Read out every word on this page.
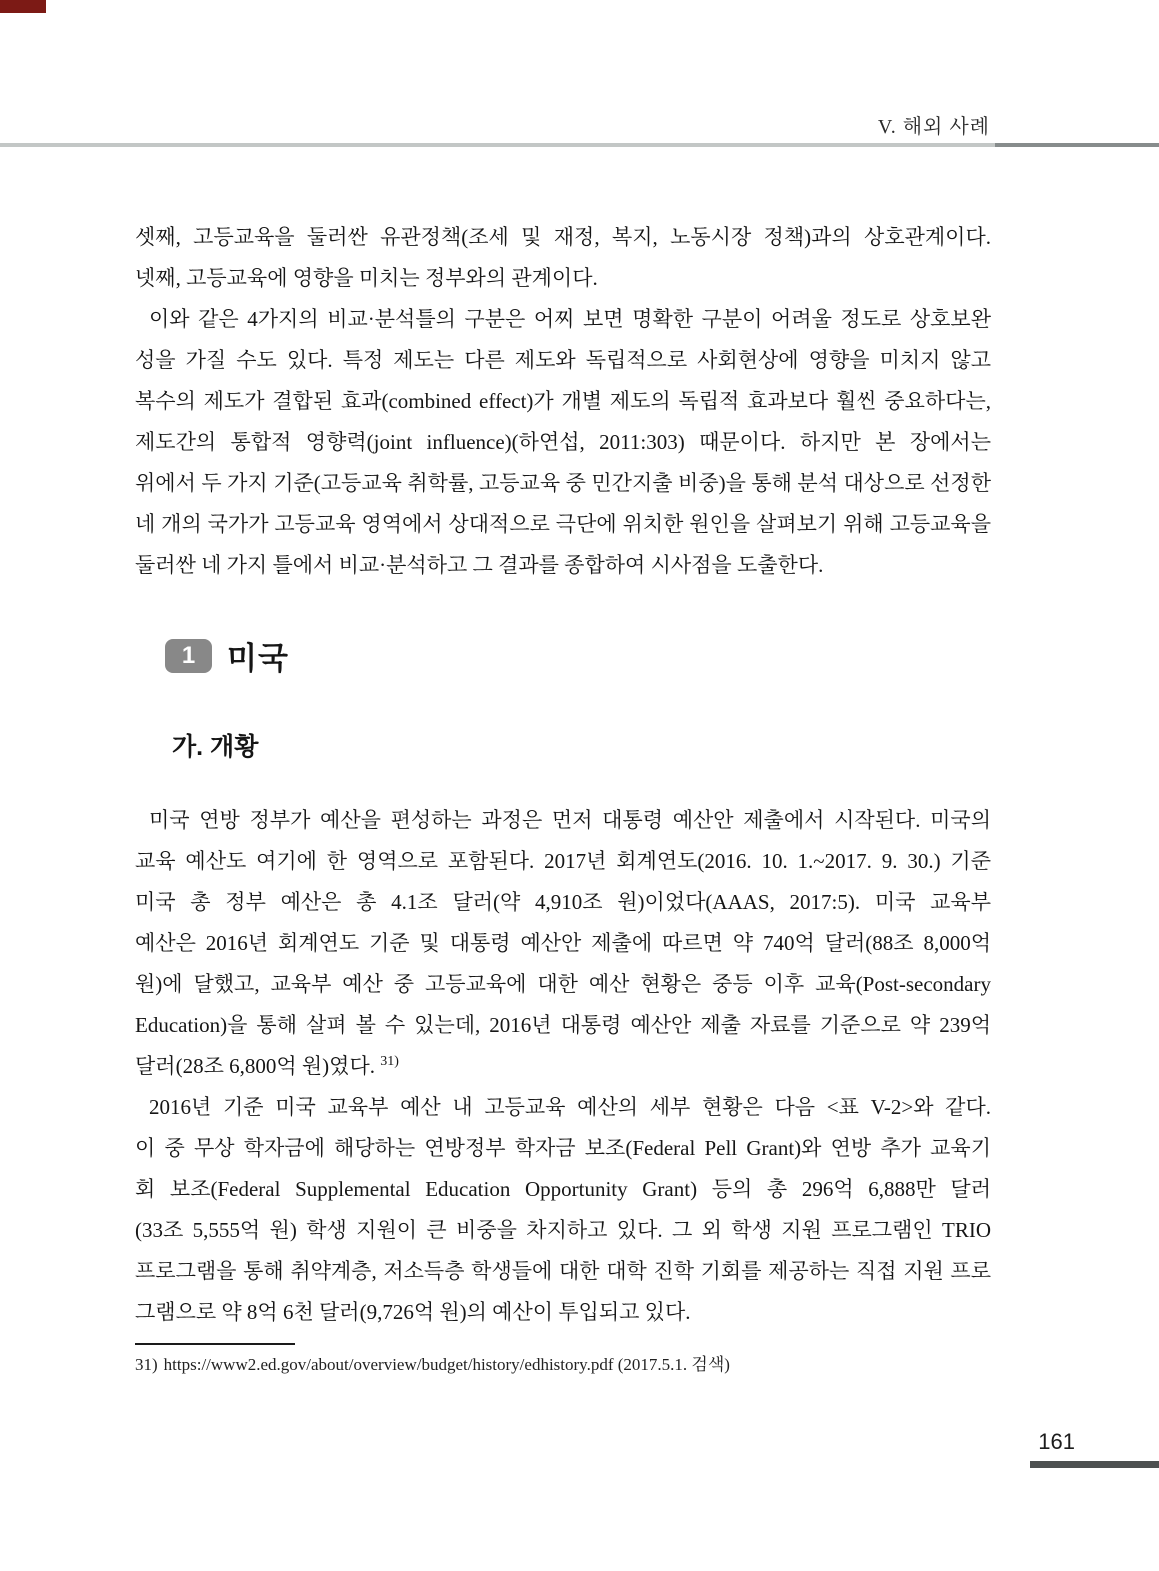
V. 해외 사례
셋째, 고등교육을 둘러싼 유관정책(조세 및 재정, 복지, 노동시장 정책)과의 상호관계이다.
넷째, 고등교육에 영향을 미치는 정부와의 관계이다.
이와 같은 4가지의 비교·분석틀의 구분은 어찌 보면 명확한 구분이 어려울 정도로 상호보완
성을 가질 수도 있다. 특정 제도는 다른 제도와 독립적으로 사회현상에 영향을 미치지 않고
복수의 제도가 결합된 효과(combined effect)가 개별 제도의 독립적 효과보다 훨씬 중요하다는,
제도간의 통합적 영향력(joint influence)(하연섭, 2011:303) 때문이다. 하지만 본 장에서는
위에서 두 가지 기준(고등교육 취학률, 고등교육 중 민간지출 비중)을 통해 분석 대상으로 선정한
네 개의 국가가 고등교육 영역에서 상대적으로 극단에 위치한 원인을 살펴보기 위해 고등교육을
둘러싼 네 가지 틀에서 비교·분석하고 그 결과를 종합하여 시사점을 도출한다.
1	미국
가. 개황
미국 연방 정부가 예산을 편성하는 과정은 먼저 대통령 예산안 제출에서 시작된다. 미국의
교육 예산도 여기에 한 영역으로 포함된다. 2017년 회계연도(2016. 10. 1.~2017. 9. 30.) 기준
미국 총 정부 예산은 총 4.1조 달러(약 4,910조 원)이었다(AAAS, 2017:5). 미국 교육부
예산은 2016년 회계연도 기준 및 대통령 예산안 제출에 따르면 약 740억 달러(88조 8,000억
원)에 달했고, 교육부 예산 중 고등교육에 대한 예산 현황은 중등 이후 교육(Post-secondary
Education)을 통해 살펴 볼 수 있는데, 2016년 대통령 예산안 제출 자료를 기준으로 약 239억
달러(28조 6,800억 원)였다. $^{31)}$
2016년 기준 미국 교육부 예산 내 고등교육 예산의 세부 현황은 다음 <표 V-2>와 같다.
이 중 무상 학자금에 해당하는 연방정부 학자금 보조(Federal Pell Grant)와 연방 추가 교육기
회 보조(Federal Supplemental Education Opportunity Grant) 등의 총 296억 6,888만 달러
(33조 5,555억 원) 학생 지원이 큰 비중을 차지하고 있다. 그 외 학생 지원 프로그램인 TRIO
프로그램을 통해 취약계층, 저소득층 학생들에 대한 대학 진학 기회를 제공하는 직접 지원 프로
그램으로 약 8억 6천 달러(9,726억 원)의 예산이 투입되고 있다.
31) https://www2.ed.gov/about/overview/budget/history/edhistory.pdf (2017.5.1. 검색)
161
